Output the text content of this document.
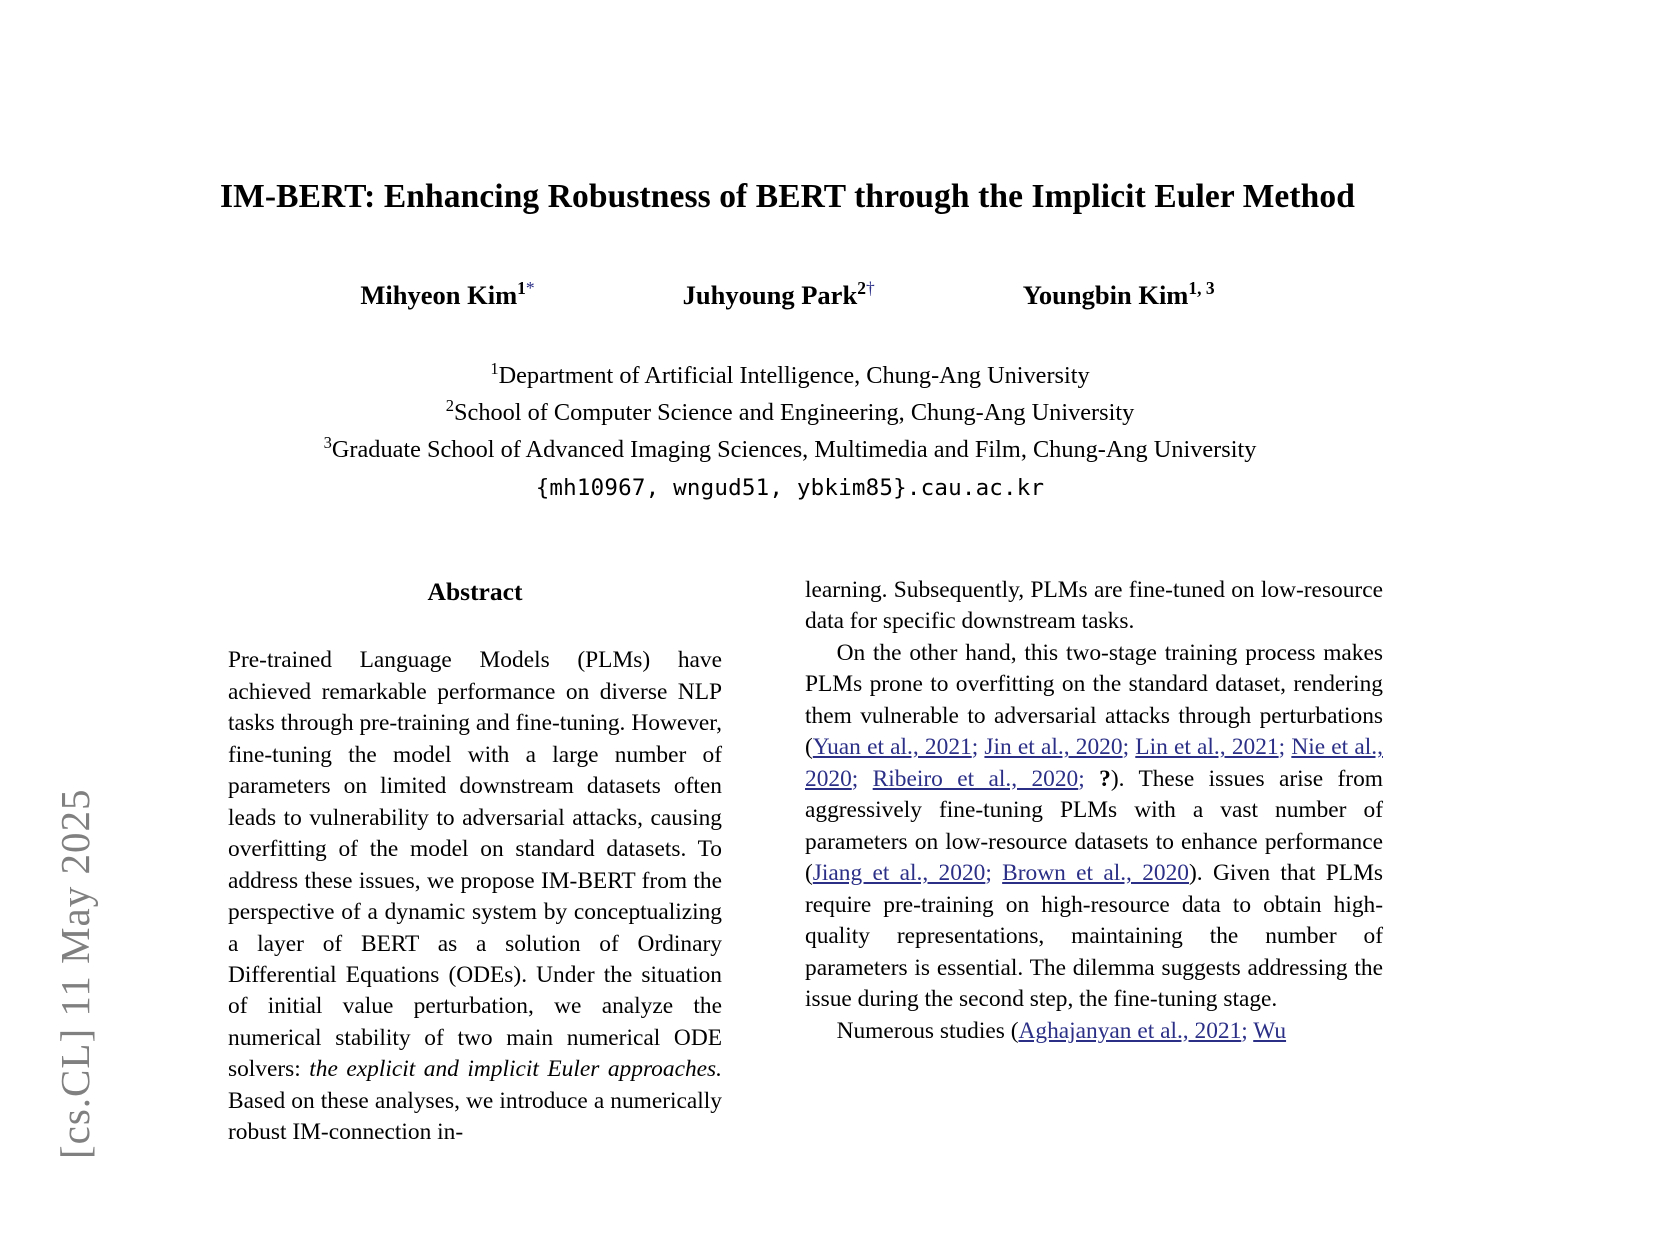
[cs.CL] 11 May 2025
IM-BERT: Enhancing Robustness of BERT through the Implicit Euler Method
Mihyeon Kim$^{1*}$	Juhyoung Park$^{2\dagger}$	Youngbin Kim$^{1, 3}$
$^1$Department of Artificial Intelligence, Chung-Ang University
$^2$School of Computer Science and Engineering, Chung-Ang University
$^3$Graduate School of Advanced Imaging Sciences, Multimedia and Film, Chung-Ang University
{mh10967, wngud51, ybkim85}.cau.ac.kr
Abstract

Pre-trained Language Models (PLMs) have achieved remarkable performance on diverse NLP tasks through pre-training and fine-tuning. However, fine-tuning the model with a large number of parameters on limited downstream datasets often leads to vulnerability to adversarial attacks, causing overfitting of the model on standard datasets. To address these issues, we propose IM-BERT from the perspective of a dynamic system by conceptualizing a layer of BERT as a solution of Ordinary Differential Equations (ODEs). Under the situation of initial value perturbation, we analyze the numerical stability of two main numerical ODE solvers: the explicit and implicit Euler approaches. Based on these analyses, we introduce a numerically robust IM-connection in-

learning. Subsequently, PLMs are fine-tuned on low-resource data for specific downstream tasks.

On the other hand, this two-stage training process makes PLMs prone to overfitting on the standard dataset, rendering them vulnerable to adversarial attacks through perturbations (Yuan et al., 2021; Jin et al., 2020; Lin et al., 2021; Nie et al., 2020; Ribeiro et al., 2020; ?). These issues arise from aggressively fine-tuning PLMs with a vast number of parameters on low-resource datasets to enhance performance (Jiang et al., 2020; Brown et al., 2020). Given that PLMs require pre-training on high-resource data to obtain high-quality representations, maintaining the number of parameters is essential. The dilemma suggests addressing the issue during the second step, the fine-tuning stage.

Numerous studies (Aghajanyan et al., 2021; Wu
